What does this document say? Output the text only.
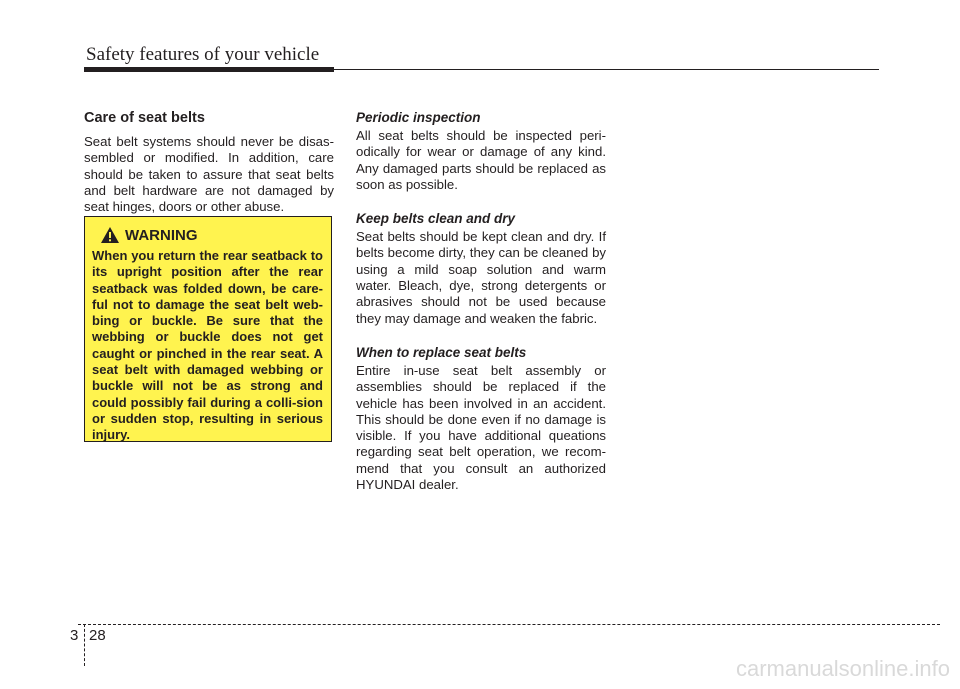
Safety features of your vehicle
Care of seat belts

Seat belt systems should never be disas-sembled or modified. In addition, care should be taken to assure that seat belts and belt hardware are not damaged by seat hinges, doors or other abuse.

WARNING

When you return the rear seatback to its upright position after the rear seatback was folded down, be care-ful not to damage the seat belt web-bing or buckle. Be sure that the webbing or buckle does not get caught or pinched in the rear seat. A seat belt with damaged webbing or buckle will not be as strong and could possibly fail during a colli-sion or sudden stop, resulting in serious injury.

Periodic inspection

All seat belts should be inspected peri-odically for wear or damage of any kind. Any damaged parts should be replaced as soon as possible.

Keep belts clean and dry

Seat belts should be kept clean and dry. If belts become dirty, they can be cleaned by using a mild soap solution and warm water. Bleach, dye, strong detergents or abrasives should not be used because they may damage and weaken the fabric.

When to replace seat belts

Entire in-use seat belt assembly or assemblies should be replaced if the vehicle has been involved in an accident. This should be done even if no damage is visible. If you have additional queations regarding seat belt operation, we recom-mend that you consult an authorized HYUNDAI dealer.

3 28
carmanualsonline.info
